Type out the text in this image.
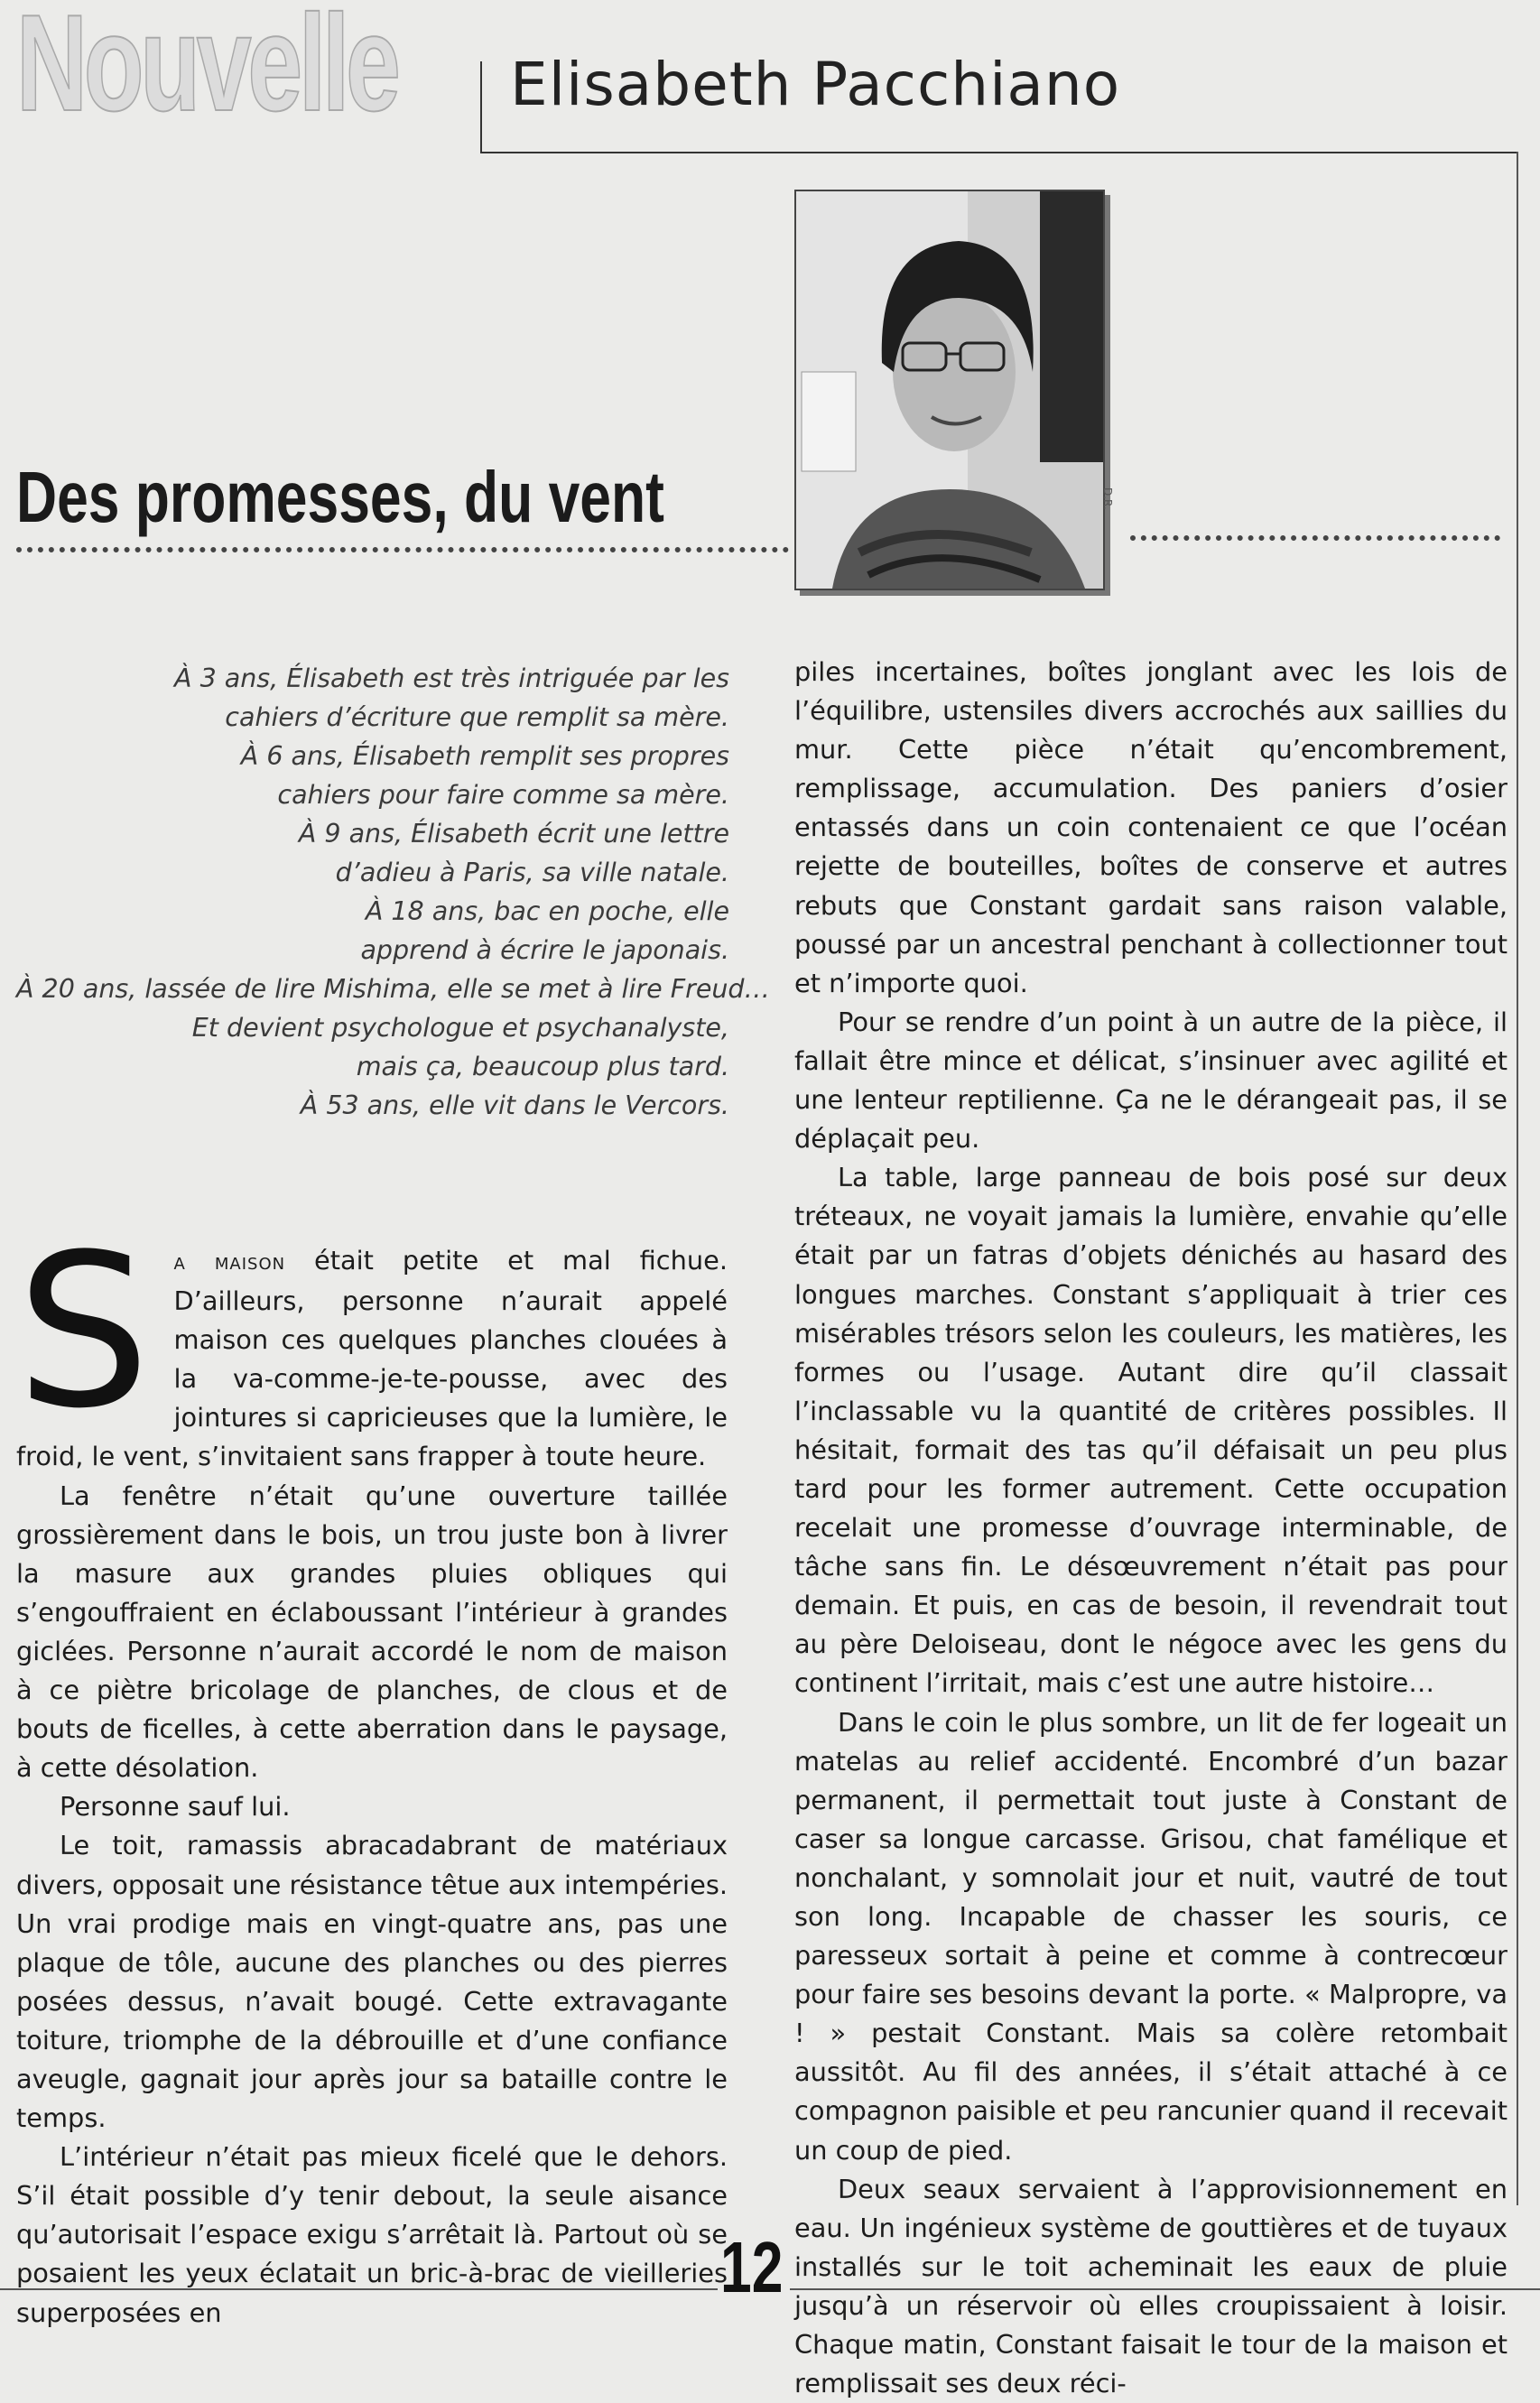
Nouvelle Elisabeth Pacchiano
D.R.
Des promesses, du vent
À 3 ans, Élisabeth est très intriguée par les
cahiers d’écriture que remplit sa mère.
À 6 ans, Élisabeth remplit ses propres
cahiers pour faire comme sa mère.
À 9 ans, Élisabeth écrit une lettre
d’adieu à Paris, sa ville natale.
À 18 ans, bac en poche, elle
apprend à écrire le japonais.
À 20 ans, lassée de lire Mishima, elle se met à lire Freud…
Et devient psychologue et psychanalyste,
mais ça, beaucoup plus tard.
À 53 ans, elle vit dans le Vercors.

S a maison était petite et mal fichue. D’ailleurs, personne n’aurait appelé maison ces quelques planches clouées à la va-comme-je-te-pousse, avec des jointures si capricieuses que la lumière, le froid, le vent, s’invitaient sans frapper à toute heure.

La fenêtre n’était qu’une ouverture taillée grossièrement dans le bois, un trou juste bon à livrer la masure aux grandes pluies obliques qui s’engouffraient en éclaboussant l’intérieur à grandes giclées. Personne n’aurait accordé le nom de maison à ce piètre bricolage de planches, de clous et de bouts de ficelles, à cette aberration dans le paysage, à cette désolation.

Personne sauf lui.

Le toit, ramassis abracadabrant de matériaux divers, opposait une résistance têtue aux intempéries. Un vrai prodige mais en vingt-quatre ans, pas une plaque de tôle, aucune des planches ou des pierres posées dessus, n’avait bougé. Cette extravagante toiture, triomphe de la débrouille et d’une confiance aveugle, gagnait jour après jour sa bataille contre le temps.

L’intérieur n’était pas mieux ficelé que le dehors. S’il était possible d’y tenir debout, la seule aisance qu’autorisait l’espace exigu s’arrêtait là. Partout où se posaient les yeux éclatait un bric-à-brac de vieilleries superposées en

piles incertaines, boîtes jonglant avec les lois de l’équilibre, ustensiles divers accrochés aux saillies du mur. Cette pièce n’était qu’encombrement, remplissage, accumulation. Des paniers d’osier entassés dans un coin contenaient ce que l’océan rejette de bouteilles, boîtes de conserve et autres rebuts que Constant gardait sans raison valable, poussé par un ancestral penchant à collectionner tout et n’importe quoi.

Pour se rendre d’un point à un autre de la pièce, il fallait être mince et délicat, s’insinuer avec agilité et une lenteur reptilienne. Ça ne le dérangeait pas, il se déplaçait peu.

La table, large panneau de bois posé sur deux tréteaux, ne voyait jamais la lumière, envahie qu’elle était par un fatras d’objets dénichés au hasard des longues marches. Constant s’appliquait à trier ces misérables trésors selon les couleurs, les matières, les formes ou l’usage. Autant dire qu’il classait l’inclassable vu la quantité de critères possibles. Il hésitait, formait des tas qu’il défaisait un peu plus tard pour les former autrement. Cette occupation recelait une promesse d’ouvrage interminable, de tâche sans fin. Le désœuvrement n’était pas pour demain. Et puis, en cas de besoin, il revendrait tout au père Deloiseau, dont le négoce avec les gens du continent l’irritait, mais c’est une autre histoire…

Dans le coin le plus sombre, un lit de fer logeait un matelas au relief accidenté. Encombré d’un bazar permanent, il permettait tout juste à Constant de caser sa longue carcasse. Grisou, chat famélique et nonchalant, y somnolait jour et nuit, vautré de tout son long. Incapable de chasser les souris, ce paresseux sortait à peine et comme à contrecœur pour faire ses besoins devant la porte. « Malpropre, va ! » pestait Constant. Mais sa colère retombait aussitôt. Au fil des années, il s’était attaché à ce compagnon paisible et peu rancunier quand il recevait un coup de pied.

Deux seaux servaient à l’approvisionnement en eau. Un ingénieux système de gouttières et de tuyaux installés sur le toit acheminait les eaux de pluie jusqu’à un réservoir où elles croupissaient à loisir. Chaque matin, Constant faisait le tour de la maison et remplissait ses deux réci-

12
